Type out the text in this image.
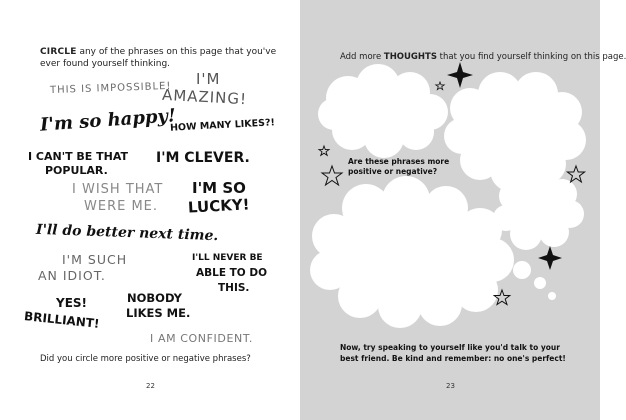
CIRCLE any of the phrases on this page that you've ever found yourself thinking.
THIS IS IMPOSSIBLE!
I'M
AMAZING!
I'm so happy!
HOW MANY LIKES?!
I CAN'T BE THAT
POPULAR.
I'M CLEVER.
I WISH THAT
WERE ME.
I'M SO
LUCKY!
I'll do better next time.
I'M SUCH
AN IDIOT.
I'LL NEVER BE
ABLE TO DO
THIS.
YES!
BRILLIANT!
NOBODY
LIKES ME.
I AM CONFIDENT.
Did you circle more positive or negative phrases?
22
Add more THOUGHTS that you find yourself thinking on this page.
Are these phrases more positive or negative?
Now, try speaking to yourself like you'd talk to your best friend. Be kind and remember: no one's perfect!
23
